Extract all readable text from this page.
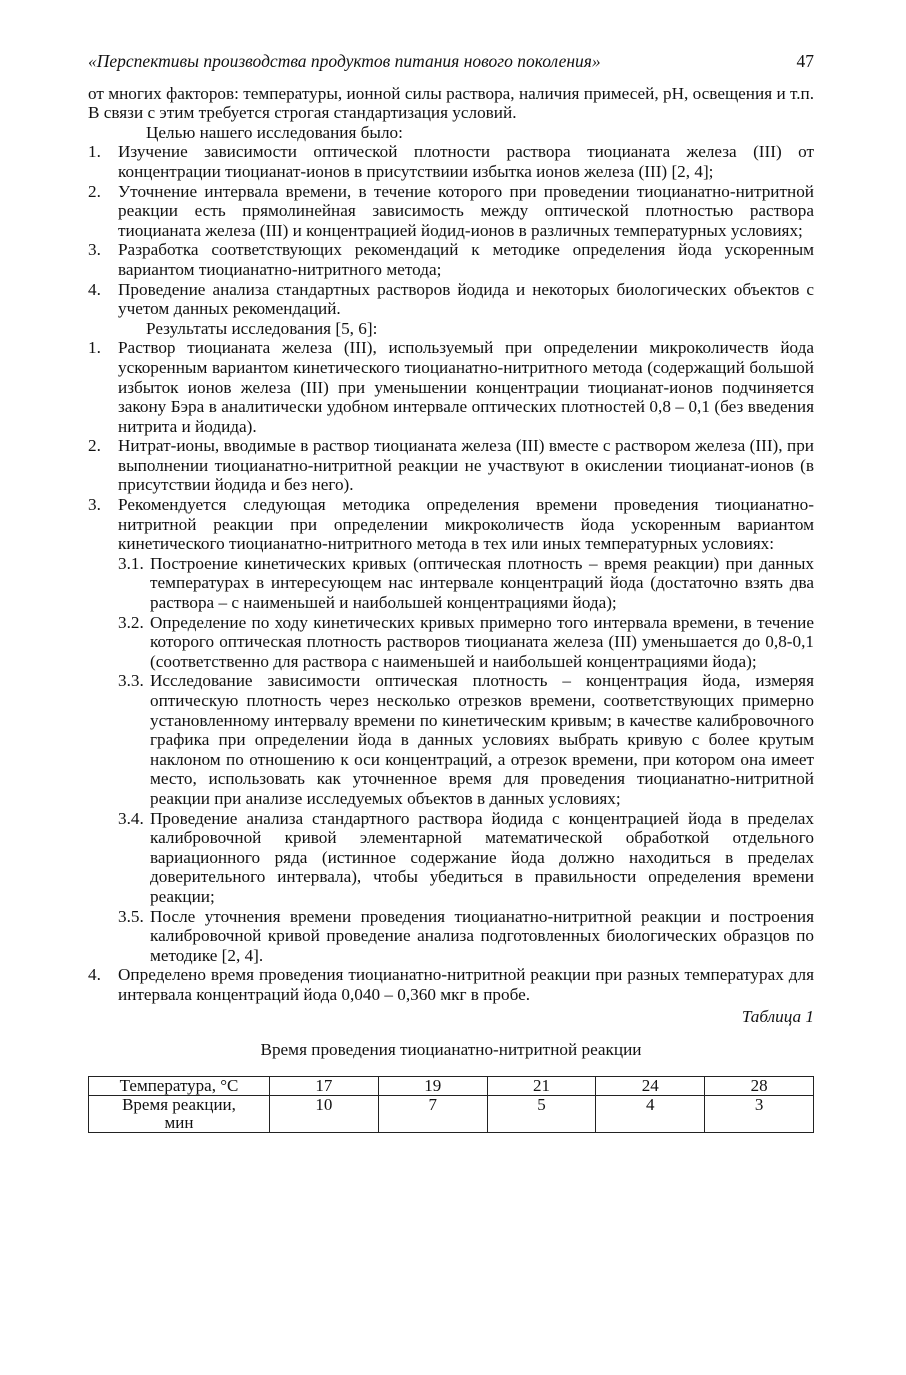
«Перспективы производства продуктов питания нового поколения»	47

от многих факторов: температуры, ионной силы раствора, наличия примесей, pH, освещения и т.п. В связи с этим требуется строгая стандартизация условий.

Целью нашего исследования было:

1. Изучение зависимости оптической плотности раствора тиоцианата железа (III) от концентрации тиоцианат-ионов в присутствиии избытка ионов железа (III) [2, 4];
2. Уточнение интервала времени, в течение которого при проведении тиоцианатно-нитритной реакции есть прямолинейная зависимость между оптической плотностью раствора тиоцианата железа (III) и концентрацией йодид-ионов в различных температурных условиях;
3. Разработка соответствующих рекомендаций к методике определения йода ускоренным вариантом тиоцианатно-нитритного метода;
4. Проведение анализа стандартных растворов йодида и некоторых биологических объектов с учетом данных рекомендаций.

Результаты исследования [5, 6]:

1. Раствор тиоцианата железа (III), используемый при определении микроколичеств йода ускоренным вариантом кинетического тиоцианатно-нитритного метода (содержащий большой избыток ионов железа (III) при уменьшении концентрации тиоцианат-ионов подчиняется закону Бэра в аналитически удобном интервале оптических плотностей 0,8 – 0,1 (без введения нитрита и йодида).
2. Нитрат-ионы, вводимые в раствор тиоцианата железа (III) вместе с раствором железа (III), при выполнении тиоцианатно-нитритной реакции не участвуют в окислении тиоцианат-ионов (в присутствии йодида и без него).
3. Рекомендуется следующая методика определения времени проведения тиоцианатно-нитритной реакции при определении микроколичеств йода ускоренным вариантом кинетического тиоцианатно-нитритного метода в тех или иных температурных условиях:
3.1. Построение кинетических кривых (оптическая плотность – время реакции) при данных температурах в интересующем нас интервале концентраций йода (достаточно взять два раствора – с наименьшей и наибольшей концентрациями йода);
3.2. Определение по ходу кинетических кривых примерно того интервала времени, в течение которого оптическая плотность растворов тиоцианата железа (III) уменьшается до 0,8-0,1 (соответственно для раствора с наименьшей и наибольшей концентрациями йода);
3.3. Исследование зависимости оптическая плотность – концентрация йода, измеряя оптическую плотность через несколько отрезков времени, соответствующих примерно установленному интервалу времени по кинетическим кривым; в качестве калибровочного графика при определении йода в данных условиях выбрать кривую с более крутым наклоном по отношению к оси концентраций, а отрезок времени, при котором она имеет место, использовать как уточненное время для проведения тиоцианатно-нитритной реакции при анализе исследуемых объектов в данных условиях;
3.4. Проведение анализа стандартного раствора йодида с концентрацией йода в пределах калибровочной кривой элементарной математической обработкой отдельного вариационного ряда (истинное содержание йода должно находиться в пределах доверительного интервала), чтобы убедиться в правильности определения времени реакции;
3.5. После уточнения времени проведения тиоцианатно-нитритной реакции и построения калибровочной кривой проведение анализа подготовленных биологических образцов по методике [2, 4].
4. Определено время проведения тиоцианатно-нитритной реакции при разных температурах для интервала концентраций йода 0,040 – 0,360 мкг в пробе.
Таблица 1
Время проведения тиоцианатно-нитритной реакции
Температура, °С	17	19	21	24	28
Время реакции,
мин	10	7	5	4	3
